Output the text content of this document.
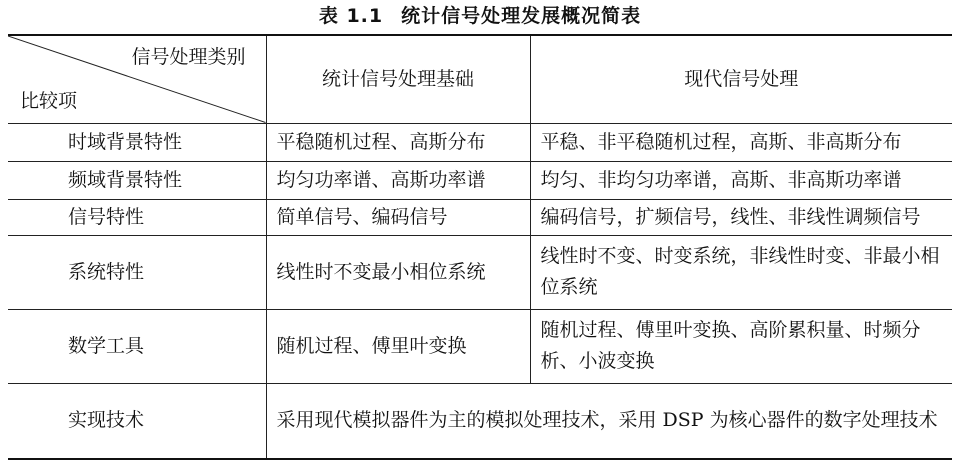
表 1.1 统计信号处理发展概况简表
信号处理类别
比较项	统计信号处理基础	现代信号处理
时域背景特性	平稳随机过程、高斯分布	平稳、非平稳随机过程，高斯、非高斯分布
频域背景特性	均匀功率谱、高斯功率谱	均匀、非均匀功率谱，高斯、非高斯功率谱
信号特性	简单信号、编码信号	编码信号，扩频信号，线性、非线性调频信号
系统特性	线性时不变最小相位系统	线性时不变、时变系统，非线性时变、非最小相位系统
数学工具	随机过程、傅里叶变换	随机过程、傅里叶变换、高阶累积量、时频分析、小波变换
实现技术	采用现代模拟器件为主的模拟处理技术，采用 DSP 为核心器件的数字处理技术	
